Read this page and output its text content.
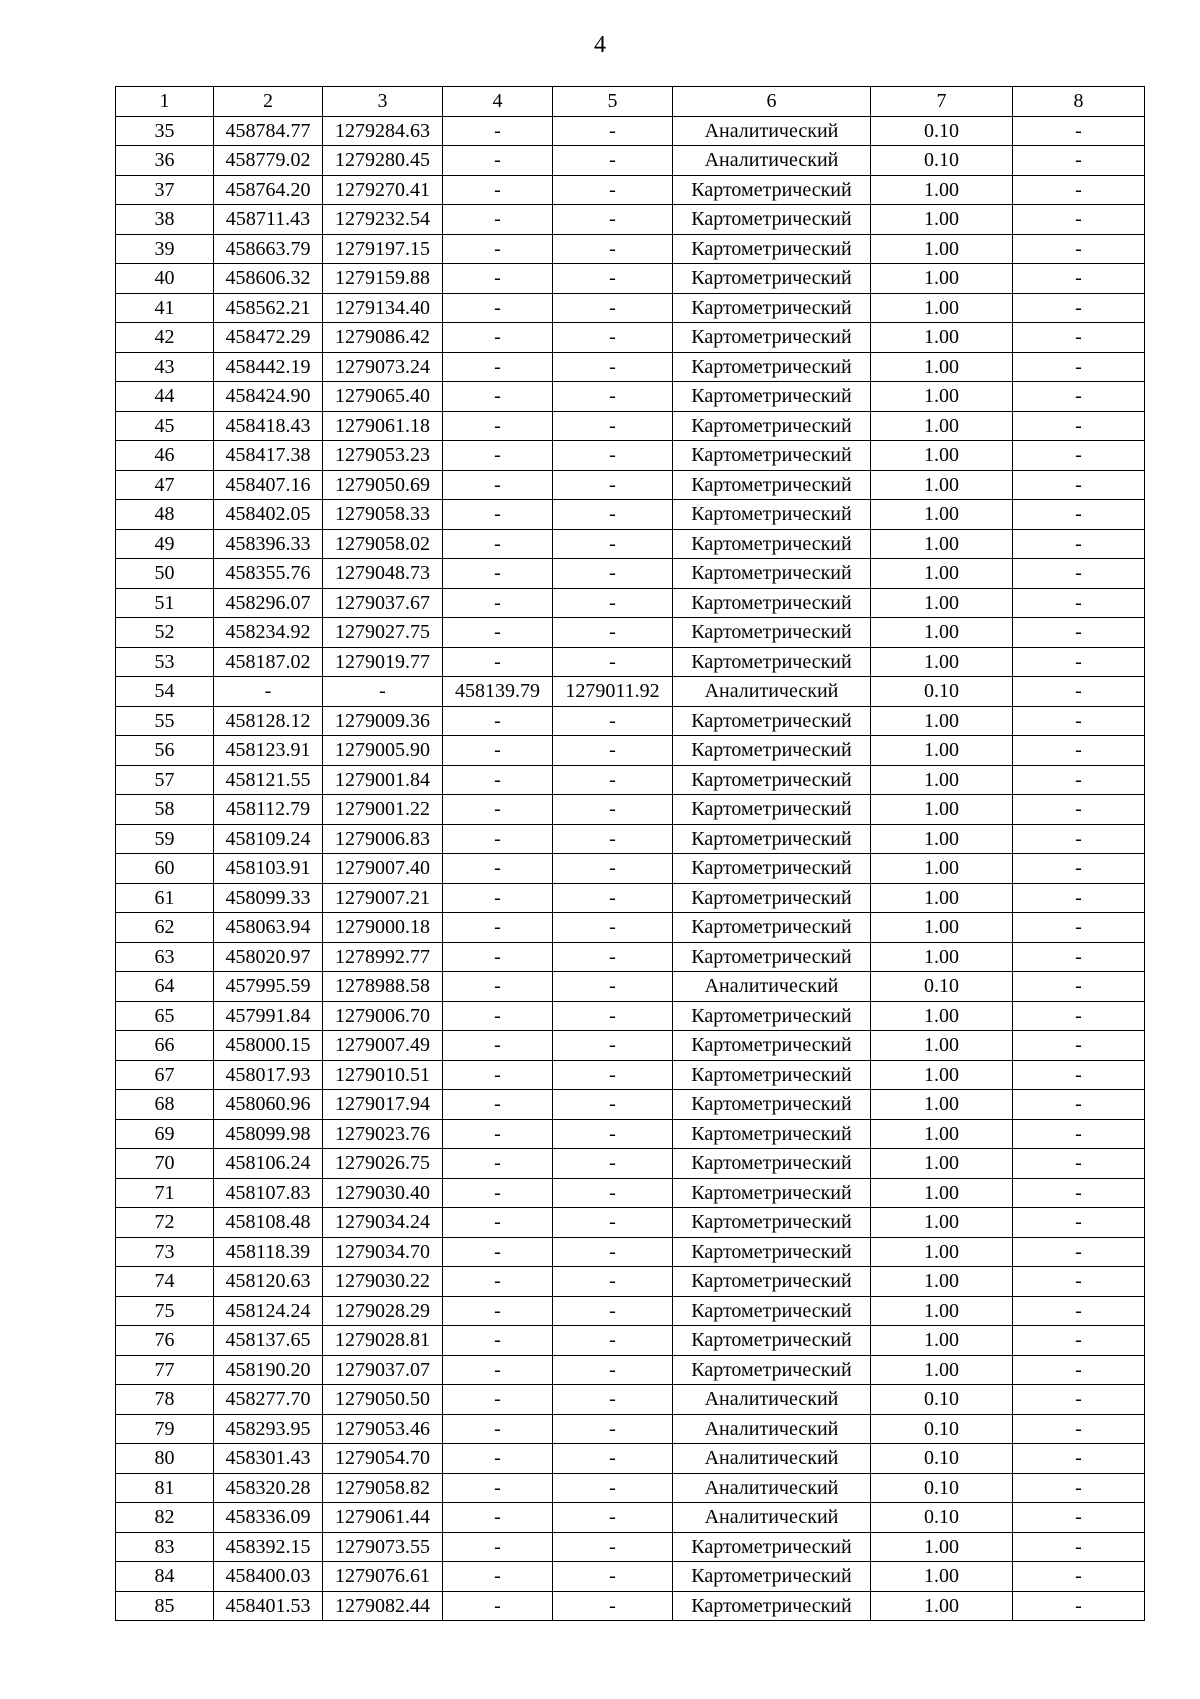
4
1	2	3	4	5	6	7	8
35	458784.77	1279284.63	-	-	Аналитический	0.10	-
36	458779.02	1279280.45	-	-	Аналитический	0.10	-
37	458764.20	1279270.41	-	-	Картометрический	1.00	-
38	458711.43	1279232.54	-	-	Картометрический	1.00	-
39	458663.79	1279197.15	-	-	Картометрический	1.00	-
40	458606.32	1279159.88	-	-	Картометрический	1.00	-
41	458562.21	1279134.40	-	-	Картометрический	1.00	-
42	458472.29	1279086.42	-	-	Картометрический	1.00	-
43	458442.19	1279073.24	-	-	Картометрический	1.00	-
44	458424.90	1279065.40	-	-	Картометрический	1.00	-
45	458418.43	1279061.18	-	-	Картометрический	1.00	-
46	458417.38	1279053.23	-	-	Картометрический	1.00	-
47	458407.16	1279050.69	-	-	Картометрический	1.00	-
48	458402.05	1279058.33	-	-	Картометрический	1.00	-
49	458396.33	1279058.02	-	-	Картометрический	1.00	-
50	458355.76	1279048.73	-	-	Картометрический	1.00	-
51	458296.07	1279037.67	-	-	Картометрический	1.00	-
52	458234.92	1279027.75	-	-	Картометрический	1.00	-
53	458187.02	1279019.77	-	-	Картометрический	1.00	-
54	-	-	458139.79	1279011.92	Аналитический	0.10	-
55	458128.12	1279009.36	-	-	Картометрический	1.00	-
56	458123.91	1279005.90	-	-	Картометрический	1.00	-
57	458121.55	1279001.84	-	-	Картометрический	1.00	-
58	458112.79	1279001.22	-	-	Картометрический	1.00	-
59	458109.24	1279006.83	-	-	Картометрический	1.00	-
60	458103.91	1279007.40	-	-	Картометрический	1.00	-
61	458099.33	1279007.21	-	-	Картометрический	1.00	-
62	458063.94	1279000.18	-	-	Картометрический	1.00	-
63	458020.97	1278992.77	-	-	Картометрический	1.00	-
64	457995.59	1278988.58	-	-	Аналитический	0.10	-
65	457991.84	1279006.70	-	-	Картометрический	1.00	-
66	458000.15	1279007.49	-	-	Картометрический	1.00	-
67	458017.93	1279010.51	-	-	Картометрический	1.00	-
68	458060.96	1279017.94	-	-	Картометрический	1.00	-
69	458099.98	1279023.76	-	-	Картометрический	1.00	-
70	458106.24	1279026.75	-	-	Картометрический	1.00	-
71	458107.83	1279030.40	-	-	Картометрический	1.00	-
72	458108.48	1279034.24	-	-	Картометрический	1.00	-
73	458118.39	1279034.70	-	-	Картометрический	1.00	-
74	458120.63	1279030.22	-	-	Картометрический	1.00	-
75	458124.24	1279028.29	-	-	Картометрический	1.00	-
76	458137.65	1279028.81	-	-	Картометрический	1.00	-
77	458190.20	1279037.07	-	-	Картометрический	1.00	-
78	458277.70	1279050.50	-	-	Аналитический	0.10	-
79	458293.95	1279053.46	-	-	Аналитический	0.10	-
80	458301.43	1279054.70	-	-	Аналитический	0.10	-
81	458320.28	1279058.82	-	-	Аналитический	0.10	-
82	458336.09	1279061.44	-	-	Аналитический	0.10	-
83	458392.15	1279073.55	-	-	Картометрический	1.00	-
84	458400.03	1279076.61	-	-	Картометрический	1.00	-
85	458401.53	1279082.44	-	-	Картометрический	1.00	-
